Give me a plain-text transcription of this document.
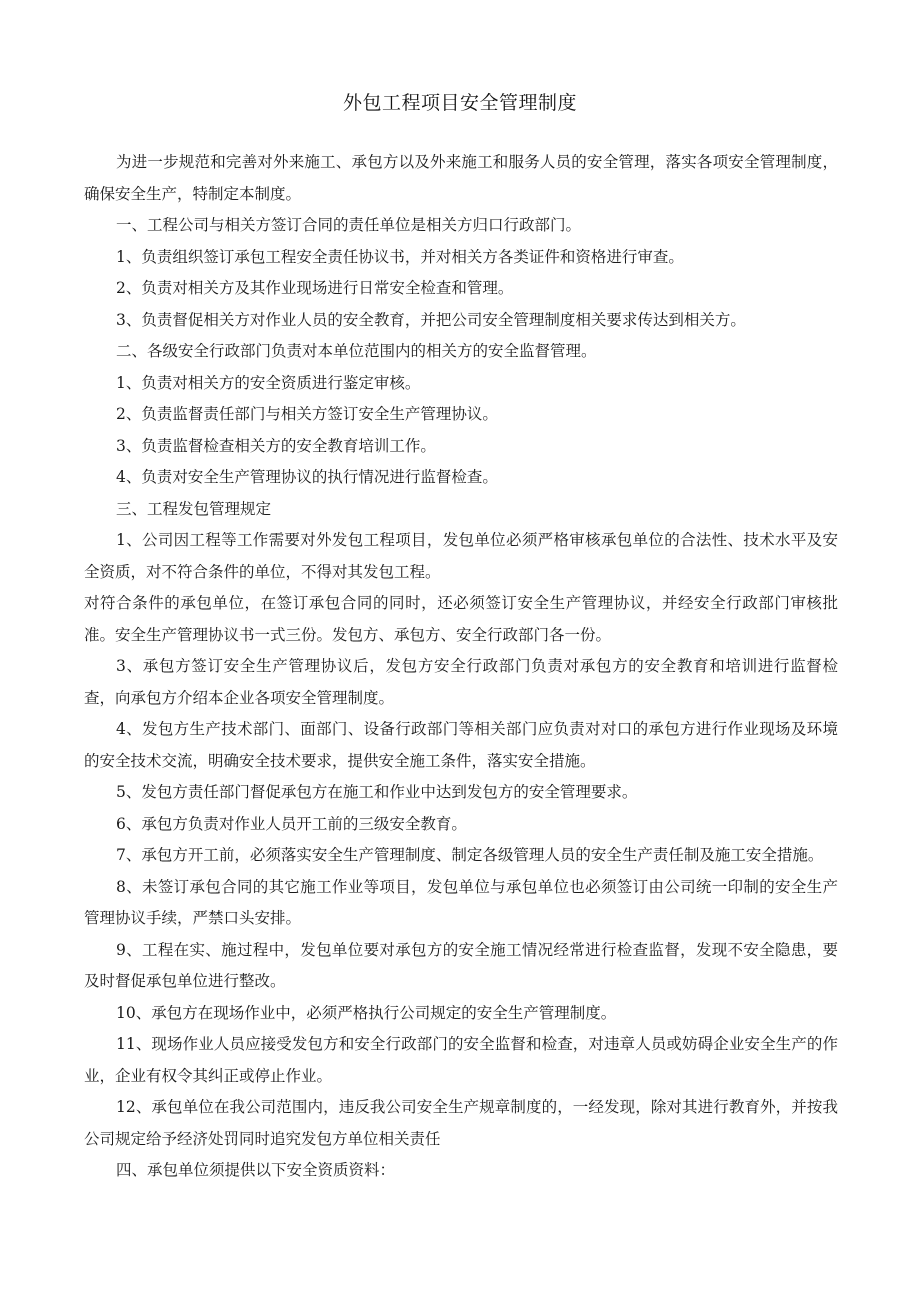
外包工程项目安全管理制度

为进一步规范和完善对外来施工、承包方以及外来施工和服务人员的安全管理，落实各项安全管理制度，确保安全生产，特制定本制度。

一、工程公司与相关方签订合同的责任单位是相关方归口行政部门。

1、负责组织签订承包工程安全责任协议书，并对相关方各类证件和资格进行审查。

2、负责对相关方及其作业现场进行日常安全检查和管理。

3、负责督促相关方对作业人员的安全教育，并把公司安全管理制度相关要求传达到相关方。

二、各级安全行政部门负责对本单位范围内的相关方的安全监督管理。

1、负责对相关方的安全资质进行鉴定审核。

2、负责监督责任部门与相关方签订安全生产管理协议。

3、负责监督检查相关方的安全教育培训工作。

4、负责对安全生产管理协议的执行情况进行监督检查。

三、工程发包管理规定

1、公司因工程等工作需要对外发包工程项目，发包单位必须严格审核承包单位的合法性、技术水平及安全资质，对不符合条件的单位，不得对其发包工程。

对符合条件的承包单位，在签订承包合同的同时，还必须签订安全生产管理协议，并经安全行政部门审核批准。安全生产管理协议书一式三份。发包方、承包方、安全行政部门各一份。

3、承包方签订安全生产管理协议后，发包方安全行政部门负责对承包方的安全教育和培训进行监督检查，向承包方介绍本企业各项安全管理制度。

4、发包方生产技术部门、面部门、设备行政部门等相关部门应负责对对口的承包方进行作业现场及环境的安全技术交流，明确安全技术要求，提供安全施工条件，落实安全措施。

5、发包方责任部门督促承包方在施工和作业中达到发包方的安全管理要求。

6、承包方负责对作业人员开工前的三级安全教育。

7、承包方开工前，必须落实安全生产管理制度、制定各级管理人员的安全生产责任制及施工安全措施。

8、未签订承包合同的其它施工作业等项目，发包单位与承包单位也必须签订由公司统一印制的安全生产管理协议手续，严禁口头安排。

9、工程在实、施过程中，发包单位要对承包方的安全施工情况经常进行检查监督，发现不安全隐患，要及时督促承包单位进行整改。

10、承包方在现场作业中，必须严格执行公司规定的安全生产管理制度。

11、现场作业人员应接受发包方和安全行政部门的安全监督和检查，对违章人员或妨碍企业安全生产的作业，企业有权令其纠正或停止作业。

12、承包单位在我公司范围内，违反我公司安全生产规章制度的，一经发现，除对其进行教育外，并按我公司规定给予经济处罚同时追究发包方单位相关责任

四、承包单位须提供以下安全资质资料：
